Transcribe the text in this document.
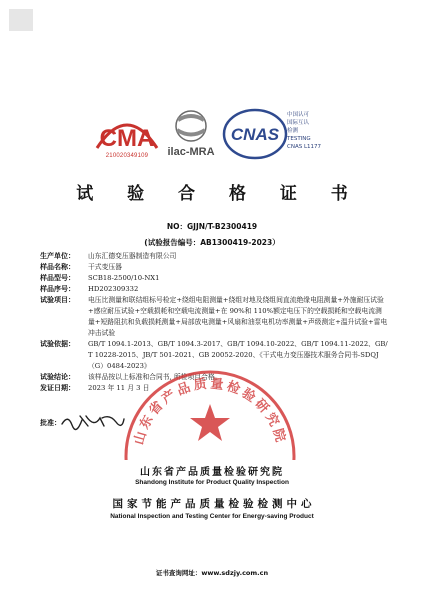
CMA
210020349109	ilac-MRA
CNAS
中国认可
国际互认
检测
TESTING
CNAS L1177
试 验 合 格 证 书
NO：GJJN/T-B2300419
(试验报告编号：AB1300419-2023）
生产单位：	山东汇德变压器制造有限公司
样品名称：	干式变压器
样品型号：	SCB18-2500/10-NX1
样品序号：	HD202309332
试验项目：	电压比测量和联结组标号检定+绕组电阻测量+绕组对地及绕组间直流绝缘电阻测量+外施耐压试验+感应耐压试验+空载损耗和空载电流测量+在 90%和 110%额定电压下的空载损耗和空载电流测量+短路阻抗和负载损耗测量+局部放电测量+风扇和油泵电机功率测量+声级测定+温升试验+雷电冲击试验
试验依据：	GB/T 1094.1-2013、GB/T 1094.3-2017、GB/T 1094.10-2022、GB/T 1094.11-2022、GB/T 10228-2015、JB/T 501-2021、GB 20052-2020、《干式电力变压器技术服务合同书-SDQJ（G）0484-2023》
试验结论：	该样品按以上标准和合同书, 所检项目合格。
发证日期：	2023 年 11 月 3 日
批准：
山东省产品质量检验研究院
山东省产品质量检验研究院
Shandong Institute for Product Quality Inspection
国家节能产品质量检验检测中心
National Inspection and Testing Center for Energy-saving Product
证书查询网址：www.sdzjy.com.cn
